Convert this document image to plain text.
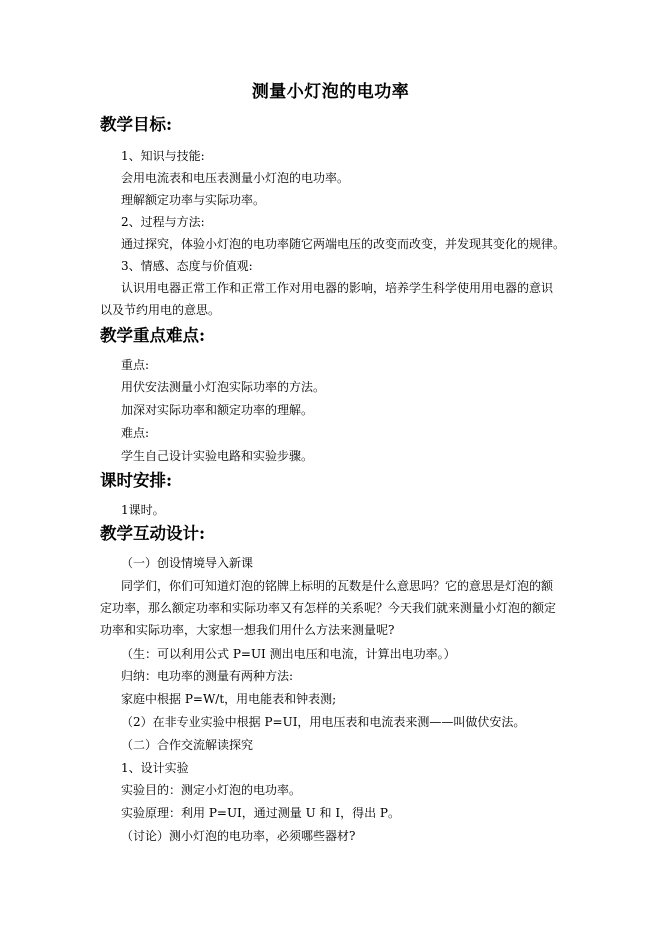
测量小灯泡的电功率
教学目标:
1、知识与技能:
会用电流表和电压表测量小灯泡的电功率。
理解额定功率与实际功率。
2、过程与方法:
通过探究，体验小灯泡的电功率随它两端电压的改变而改变，并发现其变化的规律。
3、情感、态度与价值观:
认识用电器正常工作和正常工作对用电器的影响，培养学生科学使用用电器的意识以及节约用电的意思。
教学重点难点:
重点:
用伏安法测量小灯泡实际功率的方法。
加深对实际功率和额定功率的理解。
难点:
学生自己设计实验电路和实验步骤。
课时安排:
1课时。
教学互动设计:
（一）创设情境导入新课
同学们，你们可知道灯泡的铭牌上标明的瓦数是什么意思吗？它的意思是灯泡的额定功率，那么额定功率和实际功率又有怎样的关系呢？今天我们就来测量小灯泡的额定功率和实际功率，大家想一想我们用什么方法来测量呢?
（生：可以利用公式 P=UI 测出电压和电流，计算出电功率。）
归纳：电功率的测量有两种方法:
家庭中根据 P=W/t，用电能表和钟表测;
（2）在非专业实验中根据 P=UI，用电压表和电流表来测——叫做伏安法。
（二）合作交流解读探究
1、设计实验
实验目的：测定小灯泡的电功率。
实验原理：利用 P=UI，通过测量 U 和 I，得出 P。
（讨论）测小灯泡的电功率，必须哪些器材?
